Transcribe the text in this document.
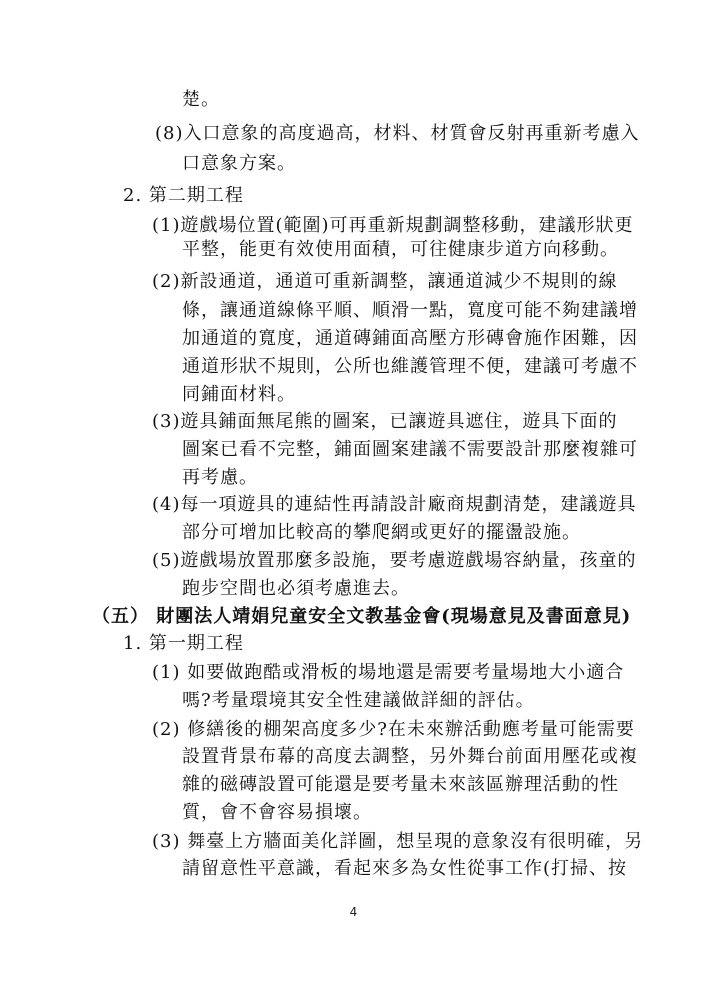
楚。
(8)入口意象的高度過高，材料、材質會反射再重新考慮入
口意象方案。
2. 第二期工程
(1)遊戲場位置(範圍)可再重新規劃調整移動，建議形狀更
平整，能更有效使用面積，可往健康步道方向移動。
(2)新設通道，通道可重新調整，讓通道減少不規則的線
條，讓通道線條平順、順滑一點，寬度可能不夠建議增
加通道的寬度，通道磚鋪面高壓方形磚會施作困難，因
通道形狀不規則，公所也維護管理不便，建議可考慮不
同鋪面材料。
(3)遊具鋪面無尾熊的圖案，已讓遊具遮住，遊具下面的
圖案已看不完整，鋪面圖案建議不需要設計那麼複雜可
再考慮。
(4)每一項遊具的連結性再請設計廠商規劃清楚，建議遊具
部分可增加比較高的攀爬網或更好的擺盪設施。
(5)遊戲場放置那麼多設施，要考慮遊戲場容納量，孩童的
跑步空間也必須考慮進去。
（五） 財團法人靖娟兒童安全文教基金會(現場意見及書面意見)
1. 第一期工程
(1) 如要做跑酷或滑板的場地還是需要考量場地大小適合
嗎?考量環境其安全性建議做詳細的評估。
(2) 修繕後的棚架高度多少?在未來辦活動應考量可能需要
設置背景布幕的高度去調整，另外舞台前面用壓花或複
雜的磁磚設置可能還是要考量未來該區辦理活動的性
質，會不會容易損壞。
(3) 舞臺上方牆面美化詳圖，想呈現的意象沒有很明確，另
請留意性平意識，看起來多為女性從事工作(打掃、按
4
